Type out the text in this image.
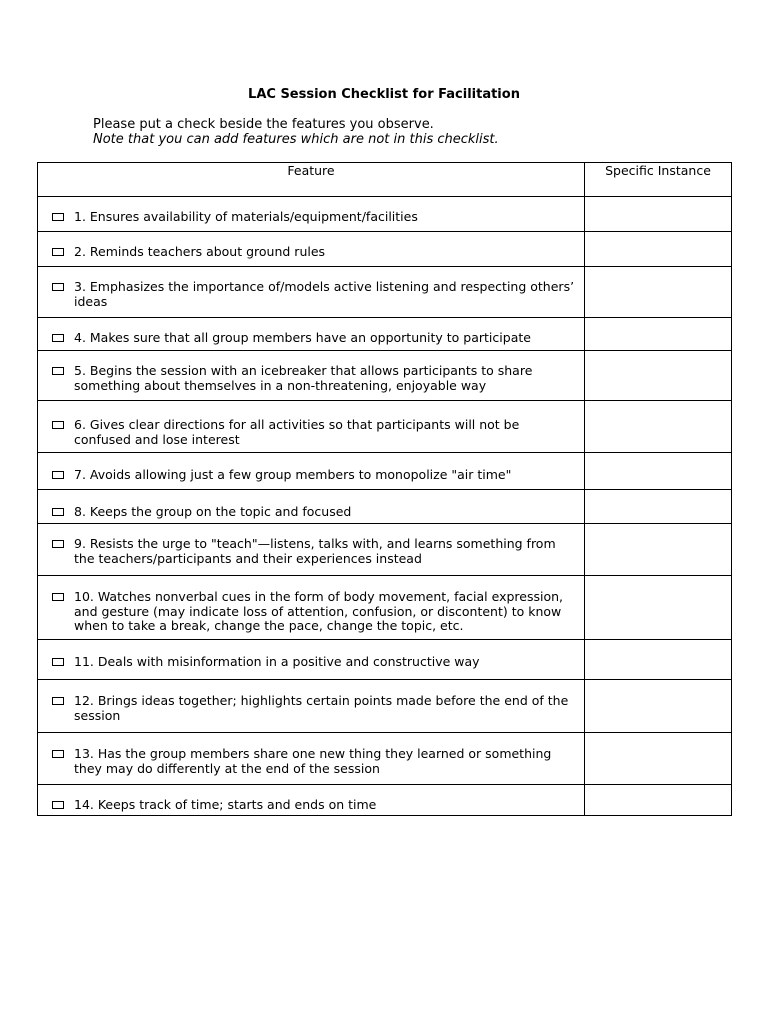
LAC Session Checklist for Facilitation
Please put a check beside the features you observe.
Note that you can add features which are not in this checklist.
Feature	Specific Instance

1. Ensures availability of materials/equipment/facilities	

2. Reminds teachers about ground rules	

3. Emphasizes the importance of/models active listening and respecting others’ ideas	

4. Makes sure that all group members have an opportunity to participate	

5. Begins the session with an icebreaker that allows participants to share something about themselves in a non-threatening, enjoyable way	

6. Gives clear directions for all activities so that participants will not be confused and lose interest	

7. Avoids allowing just a few group members to monopolize "air time"	

8. Keeps the group on the topic and focused	

9. Resists the urge to "teach"—listens, talks with, and learns something from the teachers/participants and their experiences instead	

10. Watches nonverbal cues in the form of body movement, facial expression, and gesture (may indicate loss of attention, confusion, or discontent) to know when to take a break, change the pace, change the topic, etc.	

11. Deals with misinformation in a positive and constructive way	

12. Brings ideas together; highlights certain points made before the end of the session	

13. Has the group members share one new thing they learned or something they may do differently at the end of the session	

14. Keeps track of time; starts and ends on time	
